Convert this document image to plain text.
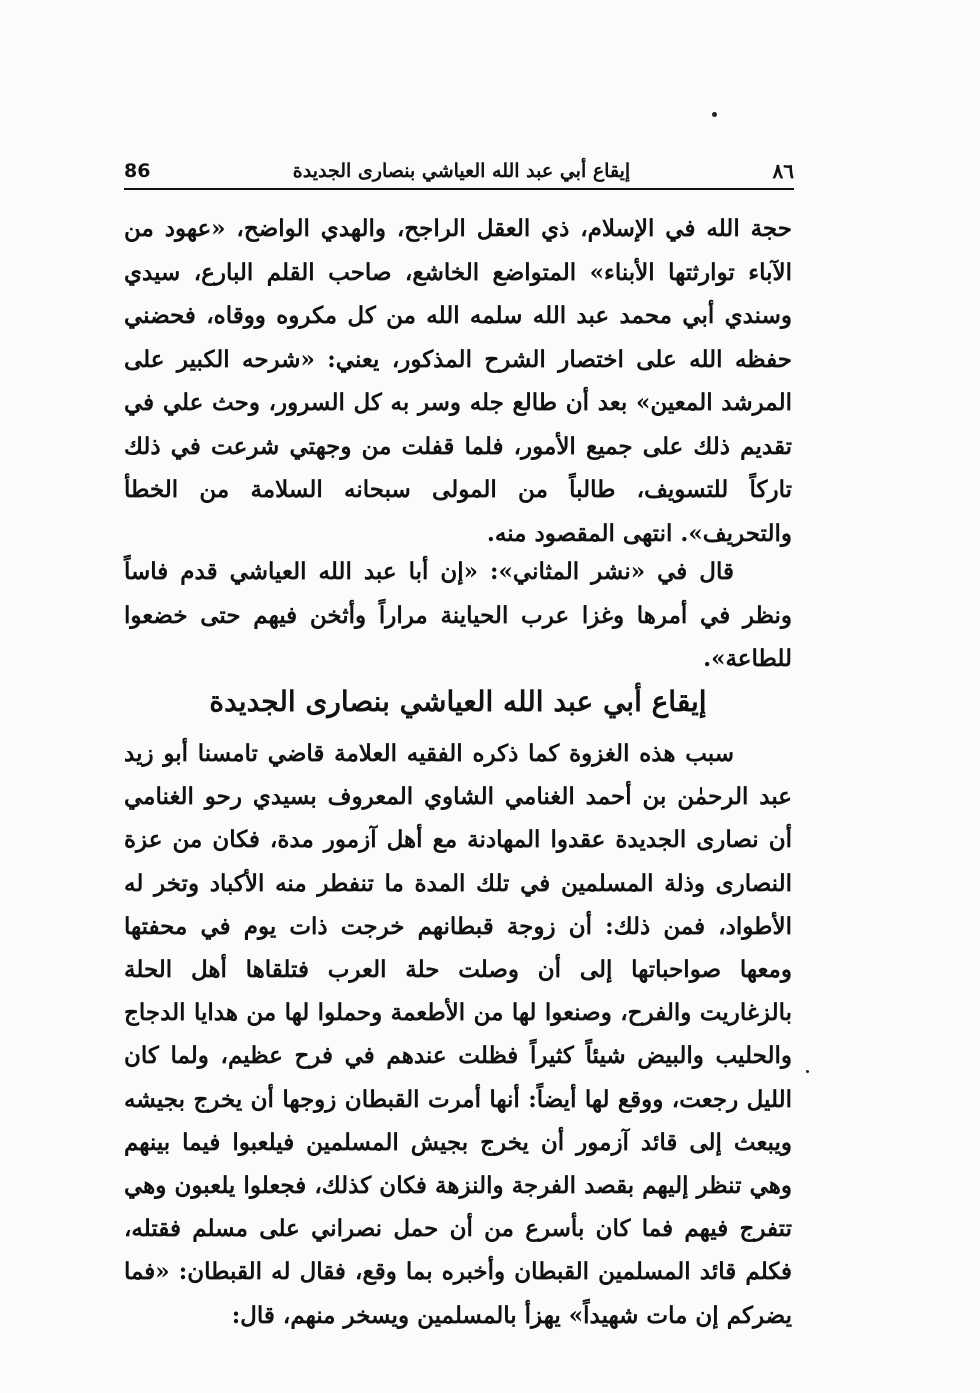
86	إيقاع أبي عبد الله العياشي بنصارى الجديدة	٨٦
حجة الله في الإسلام، ذي العقل الراجح، والهدي الواضح، «عهود من الآباء توارثتها الأبناء» المتواضع الخاشع، صاحب القلم البارع، سيدي وسندي أبي محمد عبد الله سلمه الله من كل مكروه ووقاه، فحضني حفظه الله على اختصار الشرح المذكور، يعني: «شرحه الكبير على المرشد المعين» بعد أن طالع جله وسر به كل السرور، وحث علي في تقديم ذلك على جميع الأمور، فلما قفلت من وجهتي شرعت في ذلك تاركاً للتسويف، طالباً من المولى سبحانه السلامة من الخطأ والتحريف». انتهى المقصود منه.
قال في «نشر المثاني»: «إن أبا عبد الله العياشي قدم فاساً ونظر في أمرها وغزا عرب الحياينة مراراً وأثخن فيهم حتى خضعوا للطاعة».
إيقاع أبي عبد الله العياشي بنصارى الجديدة
سبب هذه الغزوة كما ذكره الفقيه العلامة قاضي تامسنا أبو زيد عبد الرحمٰن بن أحمد الغنامي الشاوي المعروف بسيدي رحو الغنامي أن نصارى الجديدة عقدوا المهادنة مع أهل آزمور مدة، فكان من عزة النصارى وذلة المسلمين في تلك المدة ما تنفطر منه الأكباد وتخر له الأطواد، فمن ذلك: أن زوجة قبطانهم خرجت ذات يوم في محفتها ومعها صواحباتها إلى أن وصلت حلة العرب فتلقاها أهل الحلة بالزغاريت والفرح، وصنعوا لها من الأطعمة وحملوا لها من هدايا الدجاج والحليب والبيض شيئاً كثيراً فظلت عندهم في فرح عظيم، ولما كان الليل رجعت، ووقع لها أيضاً: أنها أمرت القبطان زوجها أن يخرج بجيشه ويبعث إلى قائد آزمور أن يخرج بجيش المسلمين فيلعبوا فيما بينهم وهي تنظر إليهم بقصد الفرجة والنزهة فكان كذلك، فجعلوا يلعبون وهي تتفرج فيهم فما كان بأسرع من أن حمل نصراني على مسلم فقتله، فكلم قائد المسلمين القبطان وأخبره بما وقع، فقال له القبطان: «فما يضركم إن مات شهيداً» يهزأ بالمسلمين ويسخر منهم، قال:
